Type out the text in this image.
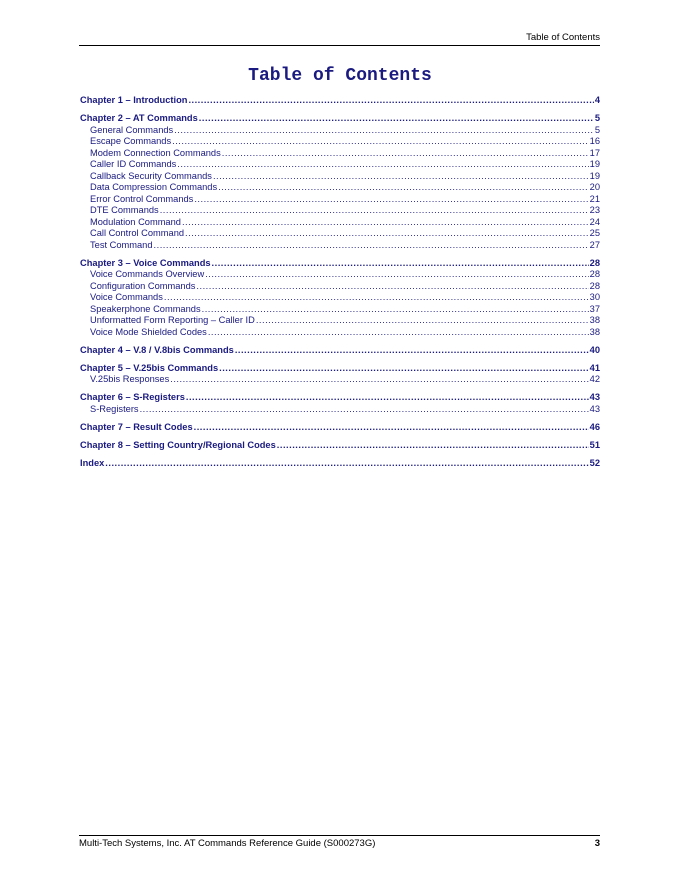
Table of Contents
Table of Contents
Chapter 1 – Introduction .....	4
Chapter 2 – AT Commands .....	5
General Commands .....	5
Escape Commands .....	16
Modem Connection Commands .....	17
Caller ID Commands .....	19
Callback Security Commands .....	19
Data Compression Commands .....	20
Error Control Commands .....	21
DTE Commands .....	23
Modulation Command .....	24
Call Control Command .....	25
Test Command .....	27
Chapter 3 – Voice Commands .....	28
Voice Commands Overview .....	28
Configuration Commands .....	28
Voice Commands .....	30
Speakerphone Commands .....	37
Unformatted Form Reporting – Caller ID .....	38
Voice Mode Shielded Codes .....	38
Chapter 4 – V.8 / V.8bis Commands .....	40
Chapter 5 – V.25bis Commands .....	41
V.25bis Responses .....	42
Chapter 6 – S-Registers .....	43
S-Registers .....	43
Chapter 7 – Result Codes .....	46
Chapter 8 – Setting Country/Regional Codes .....	51
Index .....	52
Multi-Tech Systems, Inc. AT Commands Reference Guide (S000273G)	3
